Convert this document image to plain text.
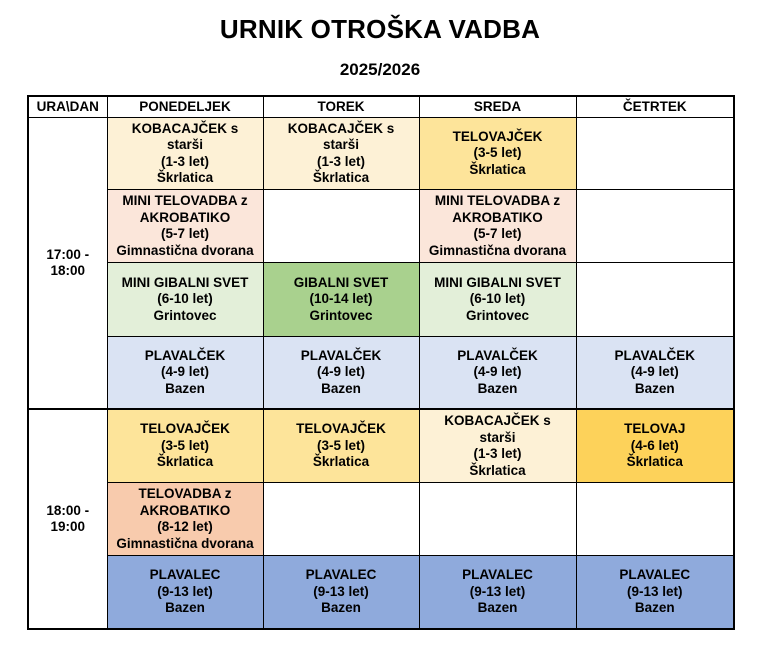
URNIK OTROŠKA VADBA
2025/2026
URA\DAN	PONEDELJEK	TOREK	SREDA	ČETRTEK

17:00 -
18:00	KOBACAJČEK s
starši
(1-3 let)
Škrlatica	KOBACAJČEK s
starši
(1-3 let)
Škrlatica	TELOVAJČEK
(3-5 let)
Škrlatica	

	MINI TELOVADBA z
AKROBATIKO
(5-7 let)
Gimnastična dvorana		MINI TELOVADBA z
AKROBATIKO
(5-7 let)
Gimnastična dvorana	

	MINI GIBALNI SVET
(6-10 let)
Grintovec	GIBALNI SVET
(10-14 let)
Grintovec	MINI GIBALNI SVET
(6-10 let)
Grintovec	

	PLAVALČEK
(4-9 let)
Bazen	PLAVALČEK
(4-9 let)
Bazen	PLAVALČEK
(4-9 let)
Bazen	PLAVALČEK
(4-9 let)
Bazen

18:00 -
19:00	TELOVAJČEK
(3-5 let)
Škrlatica	TELOVAJČEK
(3-5 let)
Škrlatica	KOBACAJČEK s
starši
(1-3 let)
Škrlatica	TELOVAJ
(4-6 let)
Škrlatica

	TELOVADBA z
AKROBATIKO
(8-12 let)
Gimnastična dvorana			

	PLAVALEC
(9-13 let)
Bazen	PLAVALEC
(9-13 let)
Bazen	PLAVALEC
(9-13 let)
Bazen	PLAVALEC
(9-13 let)
Bazen
